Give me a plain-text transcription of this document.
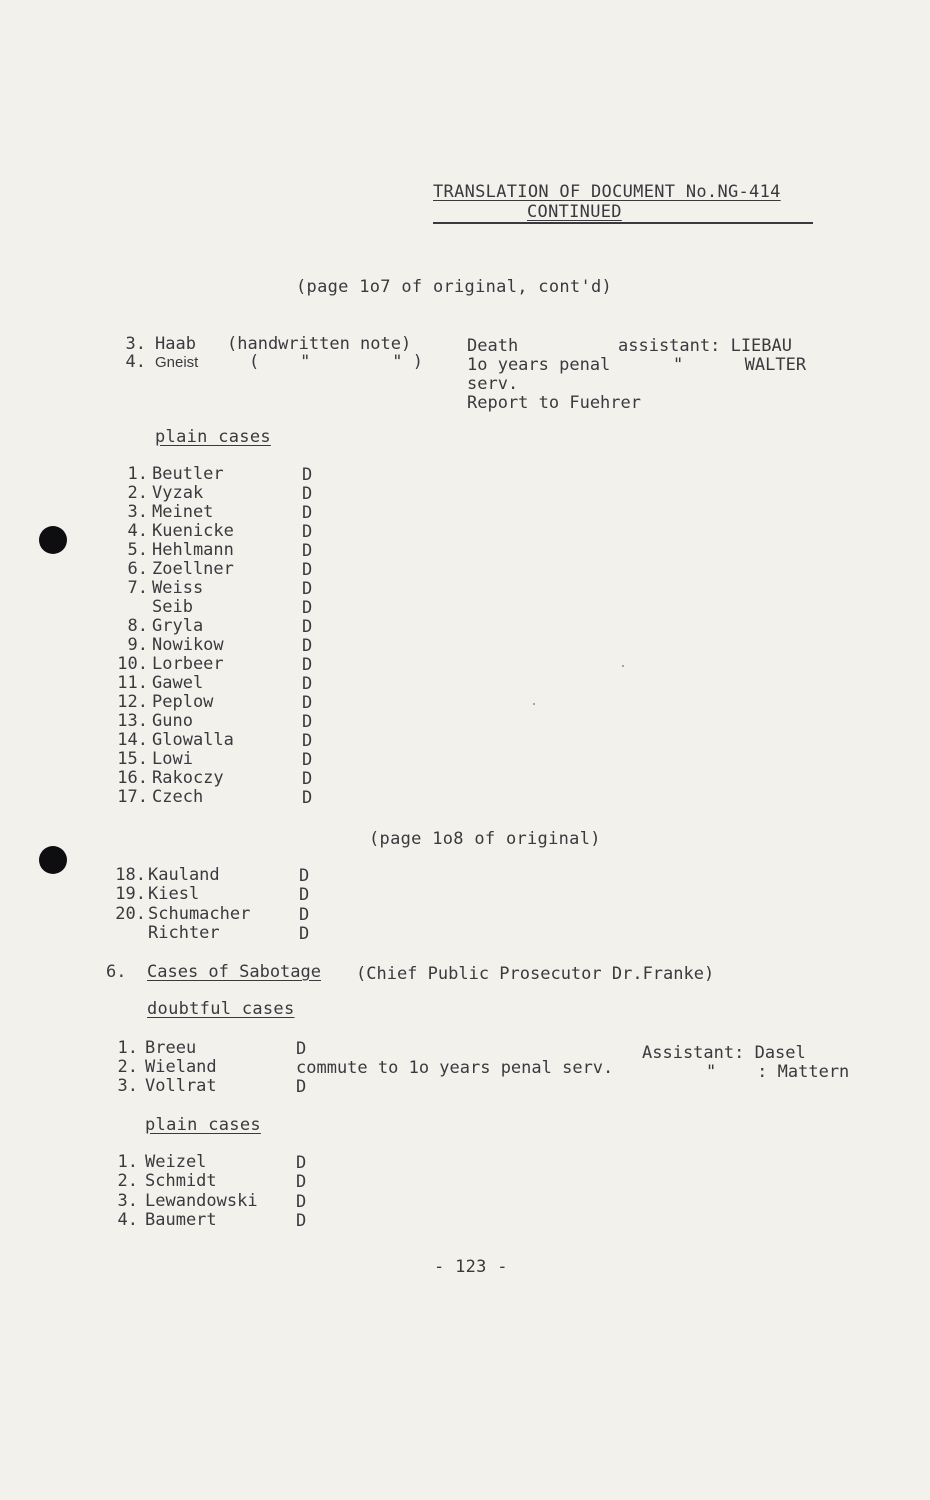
TRANSLATION OF DOCUMENT No.NG-414
CONTINUED
(page 1o7 of original, cont'd)
3. Haab (handwritten note)	Death	assistant: LIEBAU
4. Gneist	(    "        " )	1o years penal	"      WALTER
serv.
Report to Fuehrer
plain cases
1. Beutler	D
2. Vyzak	D
3. Meinet	D
4. Kuenicke	D
5. Hehlmann	D
6. Zoellner	D
7. Weiss	D
Seib	D
8. Gryla	D
9. Nowikow	D
10. Lorbeer	D
11. Gawel	D
12. Peplow	D
13. Guno	D
14. Glowalla	D
15. Lowi	D
16. Rakoczy	D
17. Czech	D
(page 1o8 of original)
18. Kauland	D
19. Kiesl	D
20. Schumacher	D
Richter	D
6. Cases of Sabotage (Chief Public Prosecutor Dr.Franke)
doubtful cases
1. Breeu	D	Assistant: Dasel
2. Wieland	commute to 1o years penal serv.	"    : Mattern
3. Vollrat	D
plain cases
1. Weizel	D
2. Schmidt	D
3. Lewandowski D
4. Baumert	D
- 123 -
